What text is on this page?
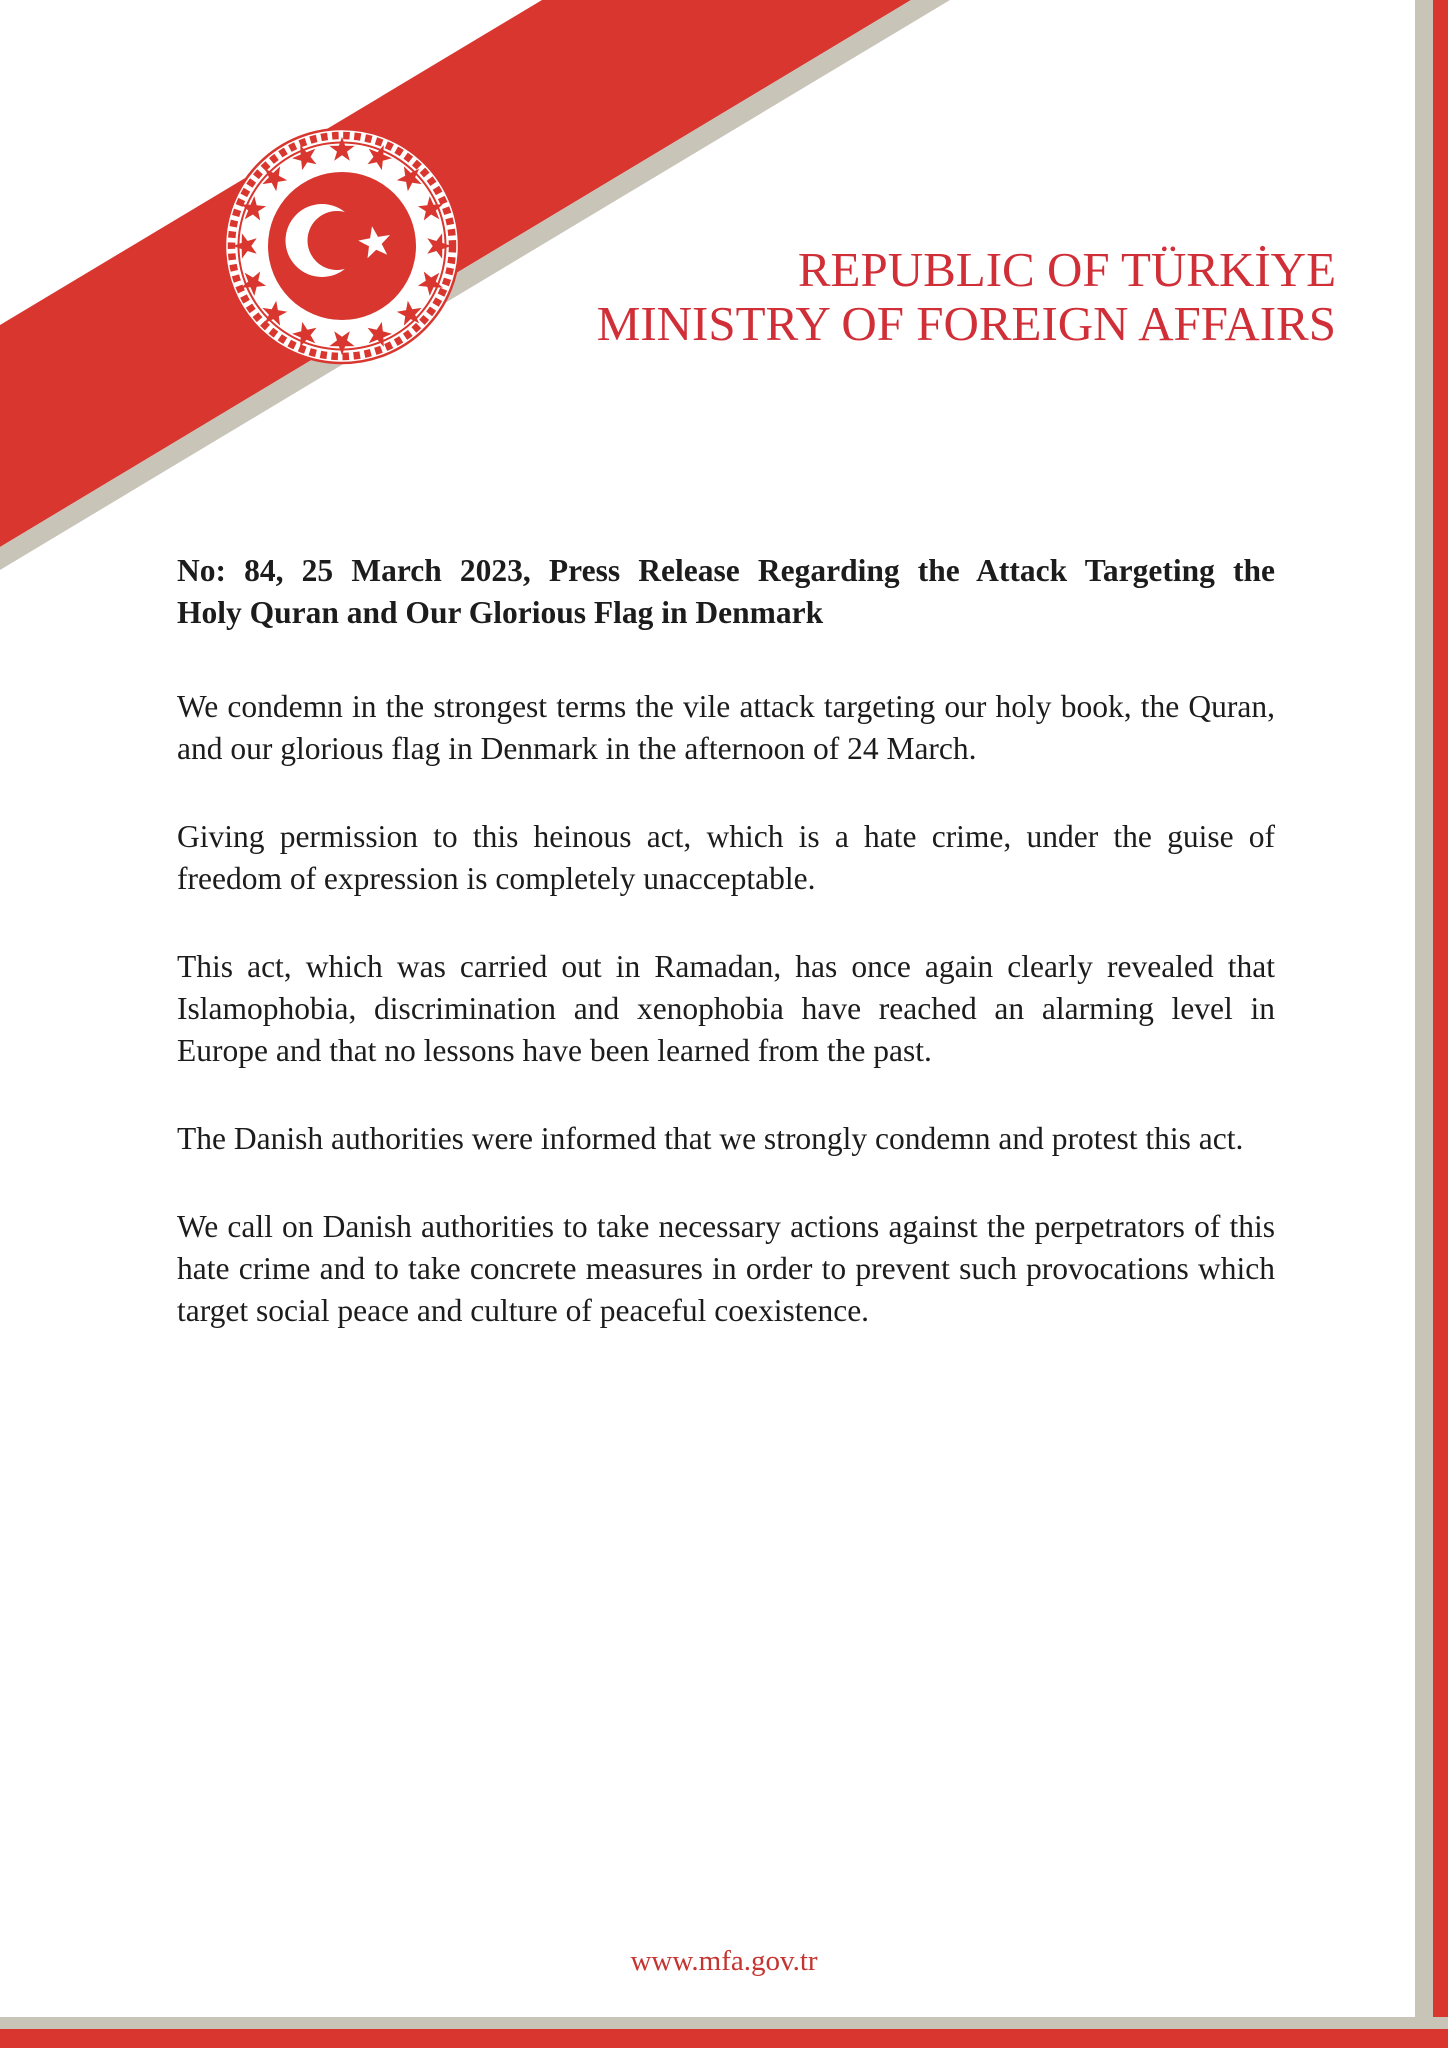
REPUBLIC OF TÜRKİYE
MINISTRY OF FOREIGN AFFAIRS
No: 84, 25 March 2023, Press Release Regarding the Attack Targeting the
Holy Quran and Our Glorious Flag in Denmark

We condemn in the strongest terms the vile attack targeting our holy book, the Quran, and our glorious flag in Denmark in the afternoon of 24 March.

Giving permission to this heinous act, which is a hate crime, under the guise of freedom of expression is completely unacceptable.

This act, which was carried out in Ramadan, has once again clearly revealed that Islamophobia, discrimination and xenophobia have reached an alarming level in Europe and that no lessons have been learned from the past.

The Danish authorities were informed that we strongly condemn and protest this act.

We call on Danish authorities to take necessary actions against the perpetrators of this hate crime and to take concrete measures in order to prevent such provocations which target social peace and culture of peaceful coexistence.

www.mfa.gov.tr
